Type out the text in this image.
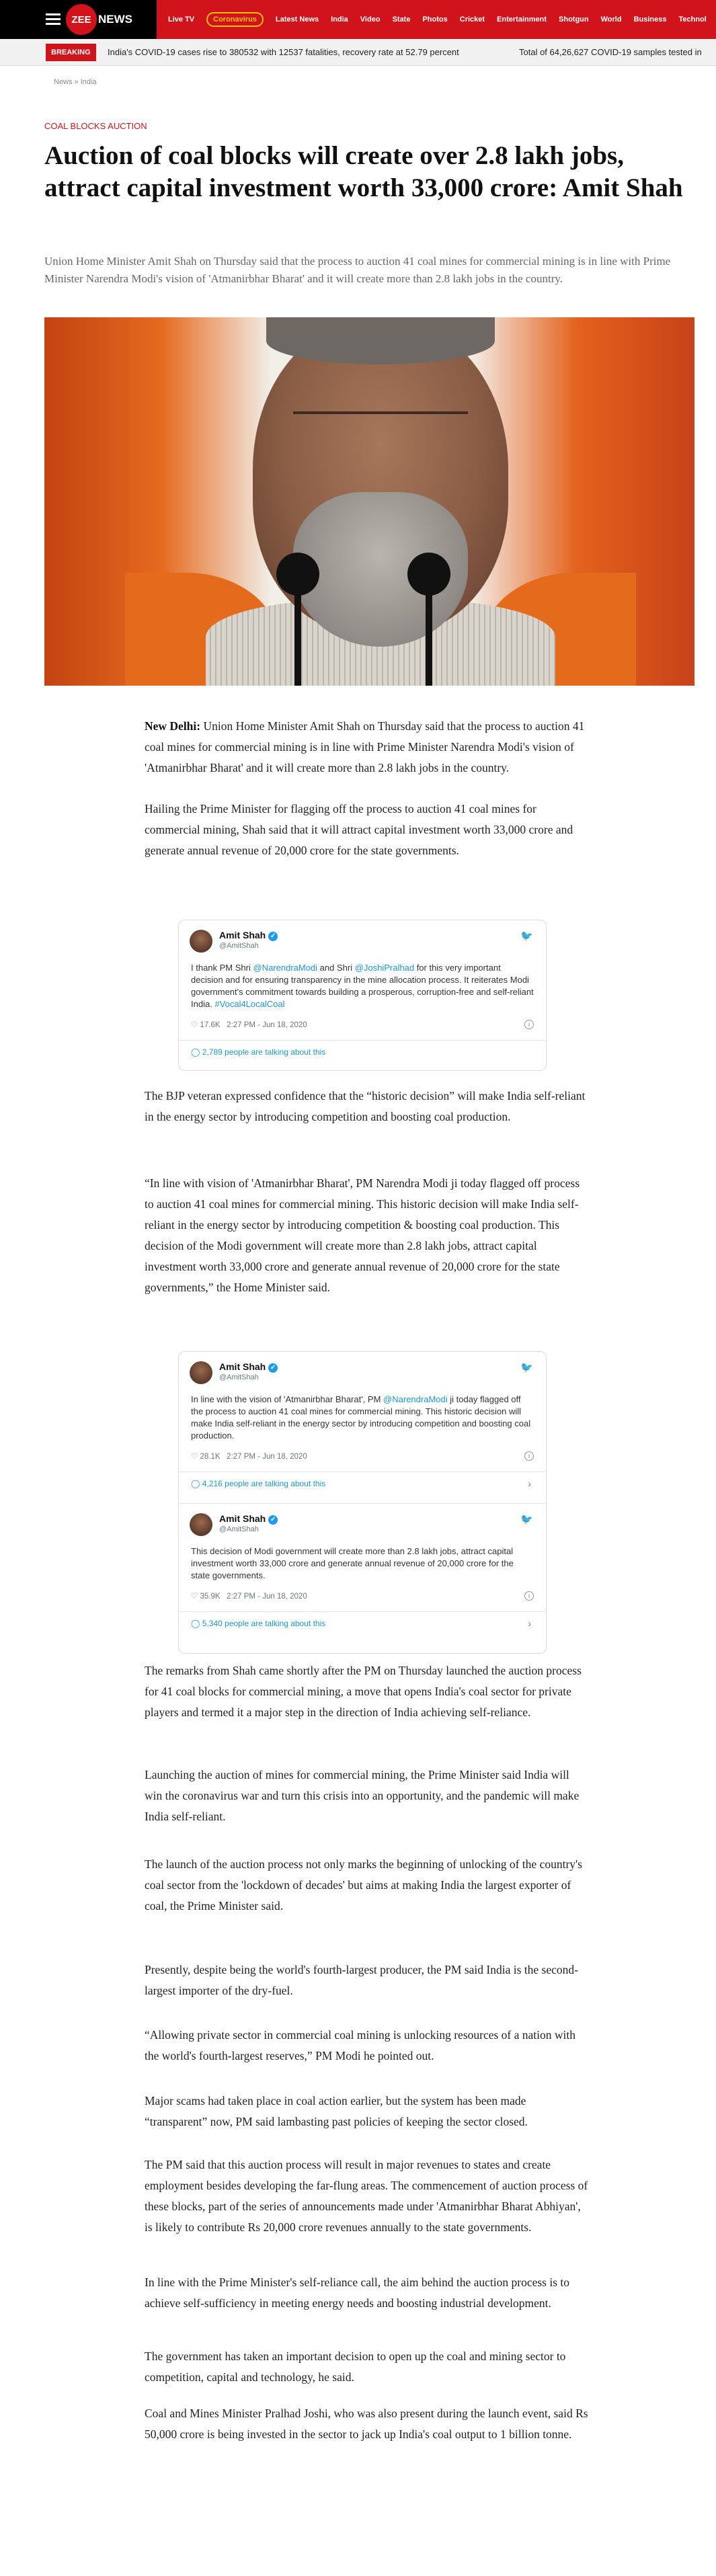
ZEE NEWS	Live TV	Coronavirus	Latest News India Video State Photos Cricket Entertainment Shotgun World Business Technol
BREAKING	India's COVID-19 cases rise to 380532 with 12537 fatalities, recovery rate at 52.79 percent	Total of 64,26,627 COVID-19 samples tested in
News » India
COAL BLOCKS AUCTION
Auction of coal blocks will create over 2.8 lakh jobs, attract capital investment worth 33,000 crore: Amit Shah

Union Home Minister Amit Shah on Thursday said that the process to auction 41 coal mines for commercial mining is in line with Prime Minister Narendra Modi's vision of 'Atmanirbhar Bharat' and it will create more than 2.8 lakh jobs in the country.

New Delhi: Union Home Minister Amit Shah on Thursday said that the process to auction 41 coal mines for commercial mining is in line with Prime Minister Narendra Modi's vision of 'Atmanirbhar Bharat' and it will create more than 2.8 lakh jobs in the country.

Hailing the Prime Minister for flagging off the process to auction 41 coal mines for commercial mining, Shah said that it will attract capital investment worth 33,000 crore and generate annual revenue of 20,000 crore for the state governments.

Amit Shah ✓
@AmitShah
🐦
I thank PM Shri @NarendraModi and Shri @JoshiPralhad for this very important decision and for ensuring transparency in the mine allocation process. It reiterates Modi government's commitment towards building a prosperous, corruption-free and self-reliant India. #Vocal4LocalCoal
♡ 17.6K 2:27 PM - Jun 18, 2020	i
◯ 2,789 people are talking about this

The BJP veteran expressed confidence that the “historic decision” will make India self-reliant in the energy sector by introducing competition and boosting coal production.

“In line with vision of 'Atmanirbhar Bharat', PM Narendra Modi ji today flagged off process to auction 41 coal mines for commercial mining. This historic decision will make India self-reliant in the energy sector by introducing competition & boosting coal production. This decision of the Modi government will create more than 2.8 lakh jobs, attract capital investment worth 33,000 crore and generate annual revenue of 20,000 crore for the state governments,” the Home Minister said.

Amit Shah ✓
@AmitShah
🐦
In line with the vision of 'Atmanirbhar Bharat', PM @NarendraModi ji today flagged off the process to auction 41 coal mines for commercial mining. This historic decision will make India self-reliant in the energy sector by introducing competition and boosting coal production.
♡ 28.1K 2:27 PM - Jun 18, 2020	i
◯ 4,216 people are talking about this	›
Amit Shah ✓
@AmitShah
🐦
This decision of Modi government will create more than 2.8 lakh jobs, attract capital investment worth 33,000 crore and generate annual revenue of 20,000 crore for the state governments.
♡ 35.9K 2:27 PM - Jun 18, 2020	i
◯ 5,340 people are talking about this	›

The remarks from Shah came shortly after the PM on Thursday launched the auction process for 41 coal blocks for commercial mining, a move that opens India's coal sector for private players and termed it a major step in the direction of India achieving self-reliance.

Launching the auction of mines for commercial mining, the Prime Minister said India will win the coronavirus war and turn this crisis into an opportunity, and the pandemic will make India self-reliant.

The launch of the auction process not only marks the beginning of unlocking of the country's coal sector from the 'lockdown of decades' but aims at making India the largest exporter of coal, the Prime Minister said.

Presently, despite being the world's fourth-largest producer, the PM said India is the second-largest importer of the dry-fuel.

“Allowing private sector in commercial coal mining is unlocking resources of a nation with the world's fourth-largest reserves,” PM Modi he pointed out.

Major scams had taken place in coal action earlier, but the system has been made “transparent” now, PM said lambasting past policies of keeping the sector closed.

The PM said that this auction process will result in major revenues to states and create employment besides developing the far-flung areas. The commencement of auction process of these blocks, part of the series of announcements made under 'Atmanirbhar Bharat Abhiyan', is likely to contribute Rs 20,000 crore revenues annually to the state governments.

In line with the Prime Minister's self-reliance call, the aim behind the auction process is to achieve self-sufficiency in meeting energy needs and boosting industrial development.

The government has taken an important decision to open up the coal and mining sector to competition, capital and technology, he said.

Coal and Mines Minister Pralhad Joshi, who was also present during the launch event, said Rs 50,000 crore is being invested in the sector to jack up India's coal output to 1 billion tonne.
